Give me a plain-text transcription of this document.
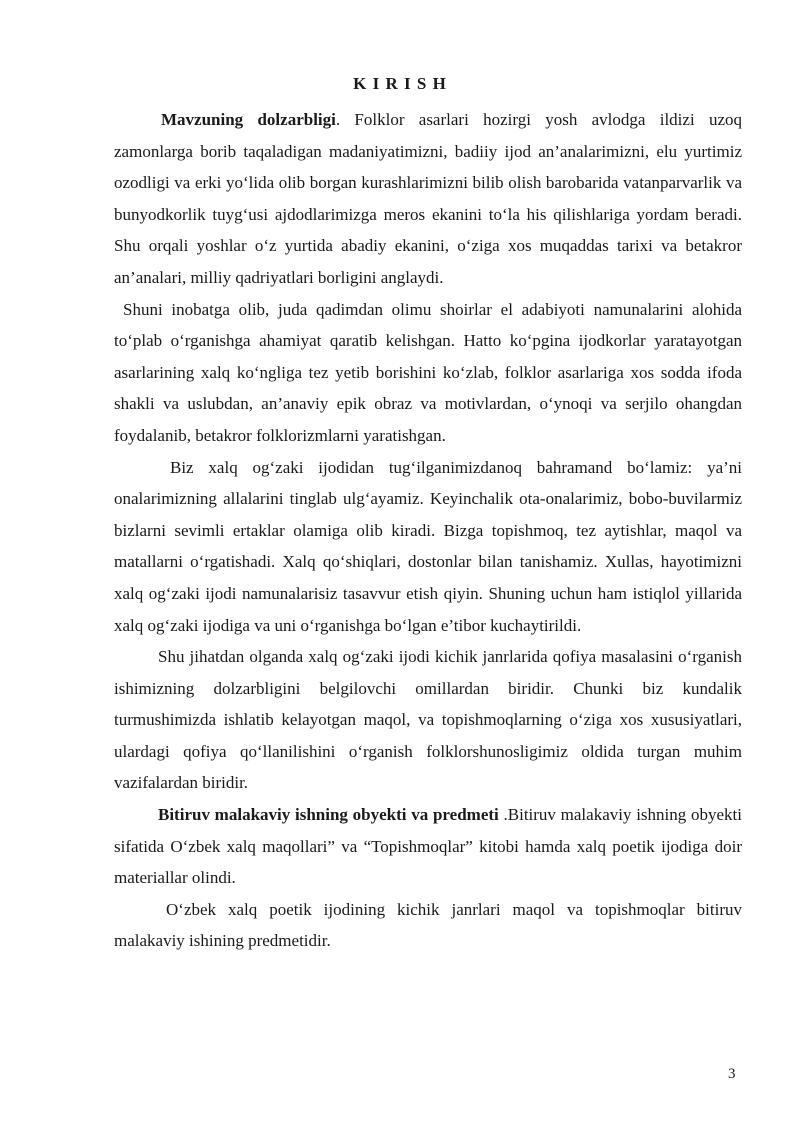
K I R I S H

Mavzuning dolzarbligi. Folklor asarlari hozirgi yosh avlodga ildizi uzoq zamonlarga borib taqaladigan madaniyatimizni, badiiy ijod an’analarimizni, elu yurtimiz ozodligi va erki yo‘lida olib borgan kurashlarimizni bilib olish barobarida vatanparvarlik va bunyodkorlik tuyg‘usi ajdodlarimizga meros ekanini to‘la his qilishlariga yordam beradi. Shu orqali yoshlar o‘z yurtida abadiy ekanini, o‘ziga xos muqaddas tarixi va betakror an’analari, milliy qadriyatlari borligini anglaydi.

Shuni inobatga olib, juda qadimdan olimu shoirlar el adabiyoti namunalarini alohida to‘plab o‘rganishga ahamiyat qaratib kelishgan. Hatto ko‘pgina ijodkorlar yaratayotgan asarlarining xalq ko‘ngliga tez yetib borishini ko‘zlab, folklor asarlariga xos sodda ifoda shakli va uslubdan, an’anaviy epik obraz va motivlardan, o‘ynoqi va serjilo ohangdan foydalanib, betakror folklorizmlarni yaratishgan.

Biz xalq og‘zaki ijodidan tug‘ilganimizdanoq bahramand bo‘lamiz: ya’ni onalarimizning allalarini tinglab ulg‘ayamiz. Keyinchalik ota-onalarimiz, bobo-buvilarmiz bizlarni sevimli ertaklar olamiga olib kiradi. Bizga topishmoq, tez aytishlar, maqol va matallarni o‘rgatishadi. Xalq qo‘shiqlari, dostonlar bilan tanishamiz. Xullas, hayotimizni xalq og‘zaki ijodi namunalarisiz tasavvur etish qiyin. Shuning uchun ham istiqlol yillarida xalq og‘zaki ijodiga va uni o‘rganishga bo‘lgan e’tibor kuchaytirildi.

Shu jihatdan olganda xalq og‘zaki ijodi kichik janrlarida qofiya masalasini o‘rganish ishimizning dolzarbligini belgilovchi omillardan biridir. Chunki biz kundalik turmushimizda ishlatib kelayotgan maqol, va topishmoqlarning o‘ziga xos xususiyatlari, ulardagi qofiya qo‘llanilishini o‘rganish folklorshunosligimiz oldida turgan muhim vazifalardan biridir.

Bitiruv malakaviy ishning obyekti va predmeti .Bitiruv malakaviy ishning obyekti sifatida O‘zbek xalq maqollari” va “Topishmoqlar” kitobi hamda xalq poetik ijodiga doir materiallar olindi.

O‘zbek xalq poetik ijodining kichik janrlari maqol va topishmoqlar bitiruv malakaviy ishining predmetidir.

3
